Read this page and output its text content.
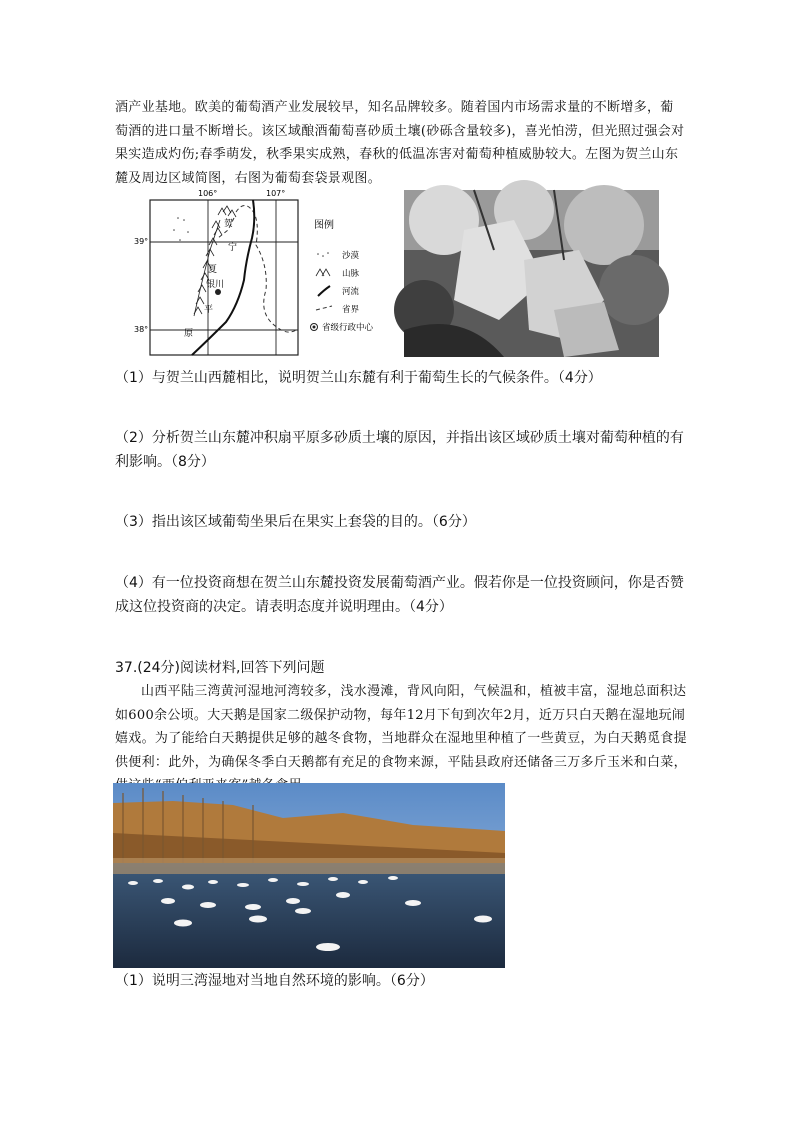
酒产业基地。欧美的葡萄酒产业发展较早，知名品牌较多。随着国内市场需求量的不断增多，葡萄酒的进口量不断增长。该区域酿酒葡萄喜砂质土壤(砂砾含量较多)，喜光怕涝，但光照过强会对果实造成灼伤;春季萌发，秋季果实成熟，春秋的低温冻害对葡萄种植威胁较大。左图为贺兰山东麓及周边区域简图，右图为葡萄套袋景观图。
106°	107°
39°
38°
贺
宁
夏
银川
平
原
图例
沙漠
山脉
河流
省界
省级行政中心
（1）与贺兰山西麓相比，说明贺兰山东麓有利于葡萄生长的气候条件。（4分）
（2）分析贺兰山东麓冲积扇平原多砂质土壤的原因，并指出该区域砂质土壤对葡萄种植的有利影响。（8分）
（3）指出该区域葡萄坐果后在果实上套袋的目的。（6分）
（4）有一位投资商想在贺兰山东麓投资发展葡萄酒产业。假若你是一位投资顾问，你是否赞成这位投资商的决定。请表明态度并说明理由。（4分）
37.(24分)阅读材料,回答下列问题
山西平陆三湾黄河湿地河湾较多，浅水漫滩，背风向阳，气候温和，植被丰富，湿地总面积达如600余公顷。大天鹅是国家二级保护动物，每年12月下旬到次年2月，近万只白天鹅在湿地玩闹嬉戏。为了能给白天鹅提供足够的越冬食物，当地群众在湿地里种植了一些黄豆，为白天鹅觅食提供便利：此外，为确保冬季白天鹅都有充足的食物来源，平陆县政府还储备三万多斤玉米和白菜，
（1）说明三湾湿地对当地自然环境的影响。（6分）
